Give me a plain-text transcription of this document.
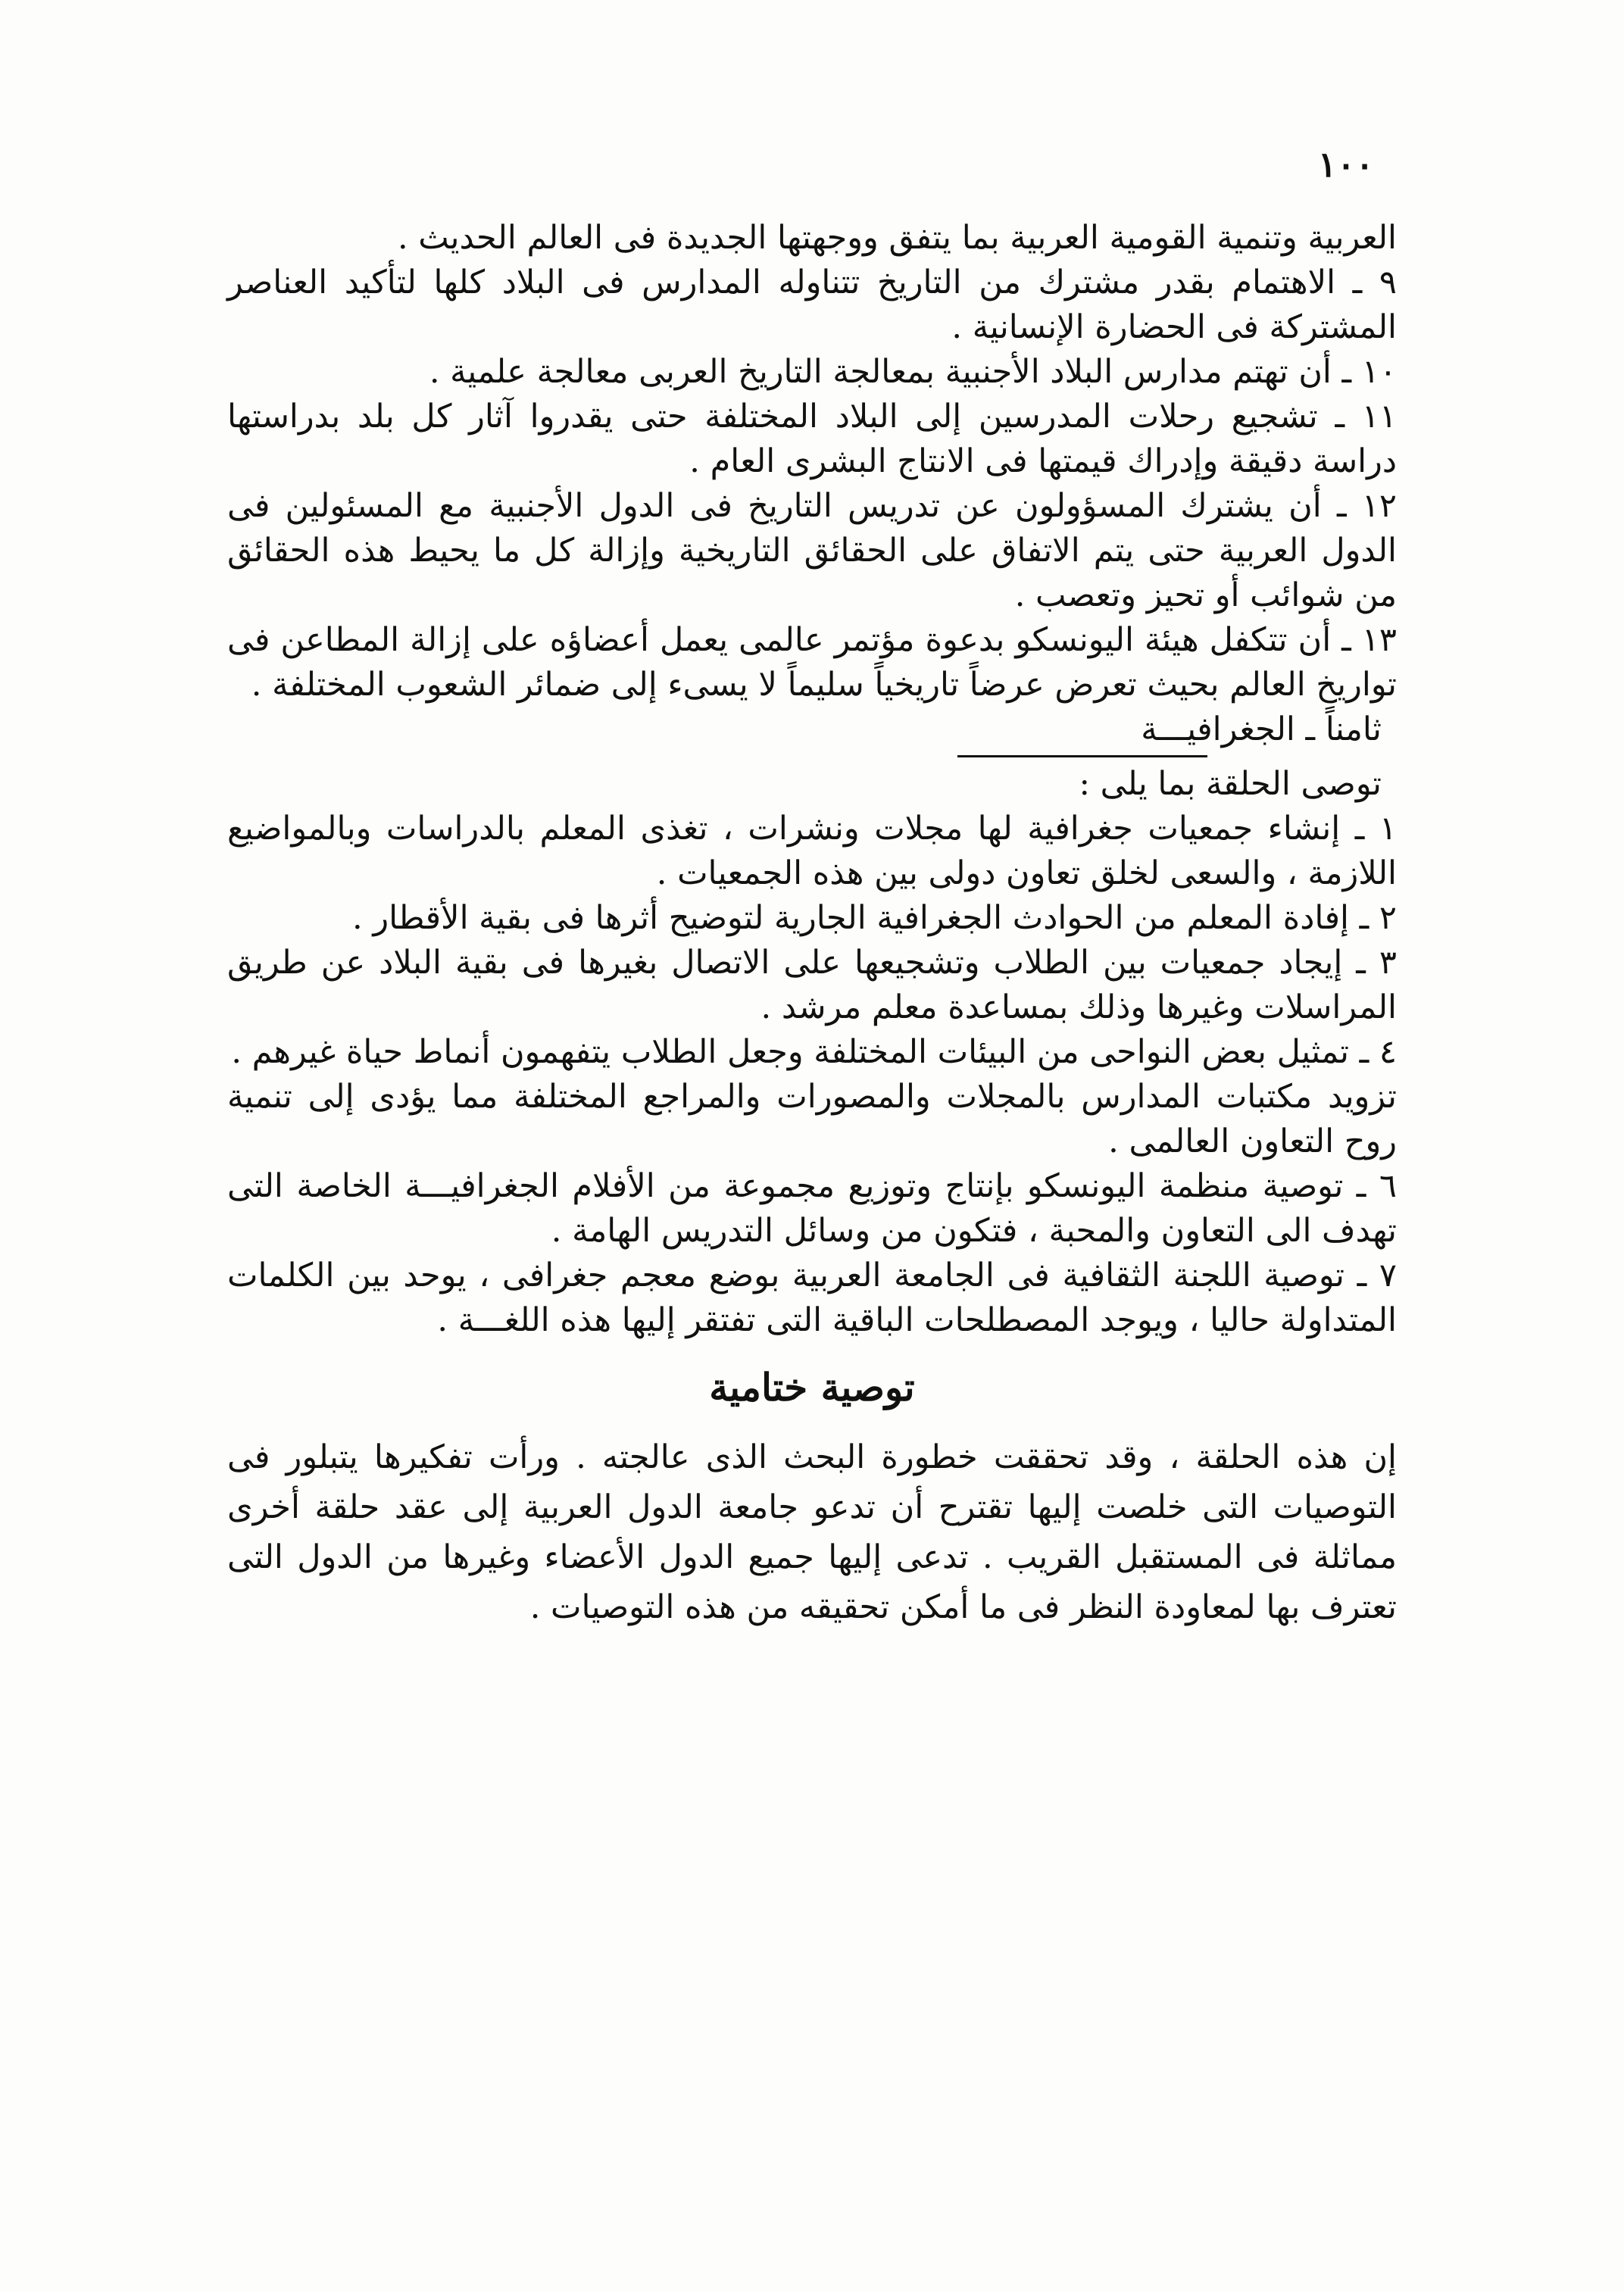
١٠٠

العربية وتنمية القومية العربية بما يتفق ووجهتها الجديدة فى العالم الحديث .

٩ ـ الاهتمام بقدر مشترك من التاريخ تتناوله المدارس فى البلاد كلها لتأكيد العناصر المشتركة فى الحضارة الإنسانية .

١٠ ـ أن تهتم مدارس البلاد الأجنبية بمعالجة التاريخ العربى معالجة علمية .

١١ ـ تشجيع رحلات المدرسين إلى البلاد المختلفة حتى يقدروا آثار كل بلد بدراستها دراسة دقيقة وإدراك قيمتها فى الانتاج البشرى العام .

١٢ ـ أن يشترك المسؤولون عن تدريس التاريخ فى الدول الأجنبية مع المسئولين فى الدول العربية حتى يتم الاتفاق على الحقائق التاريخية وإزالة كل ما يحيط هذه الحقائق من شوائب أو تحيز وتعصب .

١٣ ـ أن تتكفل هيئة اليونسكو بدعوة مؤتمر عالمى يعمل أعضاؤه على إزالة المطاعن فى تواريخ العالم بحيث تعرض عرضاً تاريخياً سليماً لا يسىء إلى ضمائر الشعوب المختلفة .

ثامناً ـ الجغرافيـــة

توصى الحلقة بما يلى :

١ ـ إنشاء جمعيات جغرافية لها مجلات ونشرات ، تغذى المعلم بالدراسات وبالمواضيع اللازمة ، والسعى لخلق تعاون دولى بين هذه الجمعيات .

٢ ـ إفادة المعلم من الحوادث الجغرافية الجارية لتوضيح أثرها فى بقية الأقطار .

٣ ـ إيجاد جمعيات بين الطلاب وتشجيعها على الاتصال بغيرها فى بقية البلاد عن طريق المراسلات وغيرها وذلك بمساعدة معلم مرشد .

٤ ـ تمثيل بعض النواحى من البيئات المختلفة وجعل الطلاب يتفهمون أنماط حياة غيرهم .

تزويد مكتبات المدارس بالمجلات والمصورات والمراجع المختلفة مما يؤدى إلى تنمية روح التعاون العالمى .

٦ ـ توصية منظمة اليونسكو بإنتاج وتوزيع مجموعة من الأفلام الجغرافيـــة الخاصة التى تهدف الى التعاون والمحبة ، فتكون من وسائل التدريس الهامة .

٧ ـ توصية اللجنة الثقافية فى الجامعة العربية بوضع معجم جغرافى ، يوحد بين الكلمات المتداولة حاليا ، ويوجد المصطلحات الباقية التى تفتقر إليها هذه اللغـــة .

توصية ختامية

إن هذه الحلقة ، وقد تحققت خطورة البحث الذى عالجته . ورأت تفكيرها يتبلور فى التوصيات التى خلصت إليها تقترح أن تدعو جامعة الدول العربية إلى عقد حلقة أخرى مماثلة فى المستقبل القريب . تدعى إليها جميع الدول الأعضاء وغيرها من الدول التى تعترف بها لمعاودة النظر فى ما أمكن تحقيقه من هذه التوصيات .
